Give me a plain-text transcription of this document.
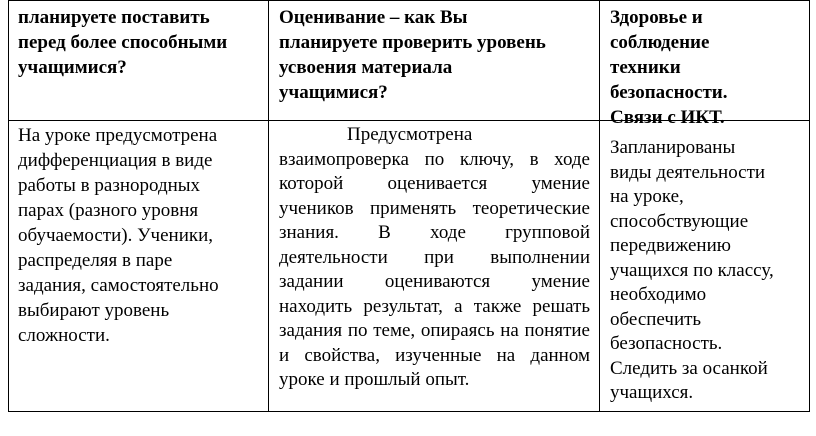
планируете поставить
перед более способными
учащимися?
Оценивание – как Вы
планируете проверить уровень
усвоения материала
учащимися?
Здоровье и
соблюдение
техники
безопасности.
Связи с ИКТ.
На уроке предусмотрена
дифференциация в виде
работы в разнородных
парах (разного уровня
обучаемости). Ученики,
распределяя в паре
задания, самостоятельно
выбирают уровень
сложности.
Предусмотрена взаимопроверка по ключу, в ходе которой оценивается умение учеников применять теоретические знания. В ходе групповой деятельности при выполнении задании оцениваются умение находить результат, а также решать задания по теме, опираясь на понятие и свойства, изученные на данном уроке и прошлый опыт.
Запланированы
виды деятельности
на уроке,
способствующие
передвижению
учащихся по классу,
необходимо
обеспечить
безопасность.
Следить за осанкой
учащихся.
